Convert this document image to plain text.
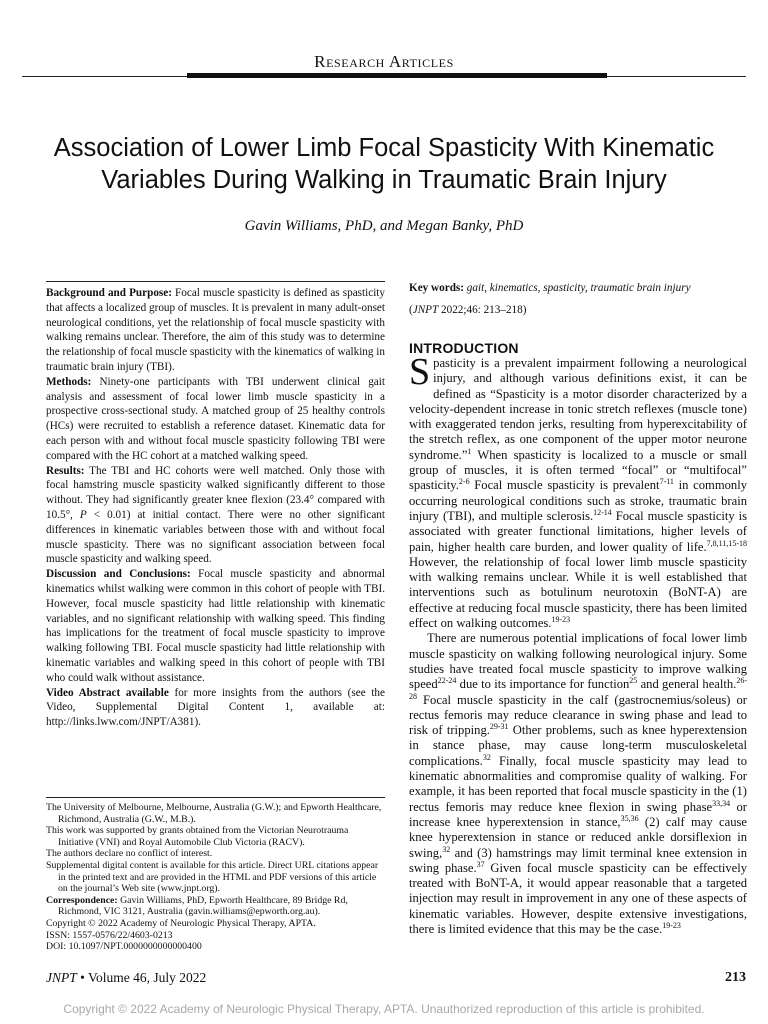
Research Articles
Association of Lower Limb Focal Spasticity With Kinematic Variables During Walking in Traumatic Brain Injury
Gavin Williams, PhD, and Megan Banky, PhD

Background and Purpose: Focal muscle spasticity is defined as spasticity that affects a localized group of muscles. It is prevalent in many adult-onset neurological conditions, yet the relationship of focal muscle spasticity with walking remains unclear. Therefore, the aim of this study was to determine the relationship of focal muscle spasticity with the kinematics of walking in traumatic brain injury (TBI).

Methods: Ninety-one participants with TBI underwent clinical gait analysis and assessment of focal lower limb muscle spasticity in a prospective cross-sectional study. A matched group of 25 healthy controls (HCs) were recruited to establish a reference dataset. Kinematic data for each person with and without focal muscle spasticity following TBI were compared with the HC cohort at a matched walking speed.

Results: The TBI and HC cohorts were well matched. Only those with focal hamstring muscle spasticity walked significantly different to those without. They had significantly greater knee flexion (23.4° compared with 10.5°, P < 0.01) at initial contact. There were no other significant differences in kinematic variables between those with and without focal muscle spasticity. There was no significant association between focal muscle spasticity and walking speed.

Discussion and Conclusions: Focal muscle spasticity and abnormal kinematics whilst walking were common in this cohort of people with TBI. However, focal muscle spasticity had little relationship with kinematic variables, and no significant relationship with walking speed. This finding has implications for the treatment of focal muscle spasticity to improve walking following TBI. Focal muscle spasticity had little relationship with kinematic variables and walking speed in this cohort of people with TBI who could walk without assistance.

Video Abstract available for more insights from the authors (see the Video, Supplemental Digital Content 1, available at: http://links.lww.com/JNPT/A381).

The University of Melbourne, Melbourne, Australia (G.W.); and Epworth Healthcare, Richmond, Australia (G.W., M.B.).

This work was supported by grants obtained from the Victorian Neurotrauma Initiative (VNI) and Royal Automobile Club Victoria (RACV).

The authors declare no conflict of interest.

Supplemental digital content is available for this article. Direct URL citations appear in the printed text and are provided in the HTML and PDF versions of this article on the journal’s Web site (www.jnpt.org).

Correspondence: Gavin Williams, PhD, Epworth Healthcare, 89 Bridge Rd, Richmond, VIC 3121, Australia (gavin.williams@epworth.org.au).

Copyright © 2022 Academy of Neurologic Physical Therapy, APTA.

ISSN: 1557-0576/22/4603-0213

DOI: 10.1097/NPT.0000000000000400

Key words: gait, kinematics, spasticity, traumatic brain injury

(JNPT 2022;46: 213–218)

INTRODUCTION

Spasticity is a prevalent impairment following a neurological injury, and although various definitions exist, it can be defined as “Spasticity is a motor disorder characterized by a velocity-dependent increase in tonic stretch reflexes (muscle tone) with exaggerated tendon jerks, resulting from hyperexcitability of the stretch reflex, as one component of the upper motor neurone syndrome.”$^1$ When spasticity is localized to a muscle or small group of muscles, it is often termed “focal” or “multifocal” spasticity.$^{2-6}$ Focal muscle spasticity is prevalent$^{7-11}$ in commonly occurring neurological conditions such as stroke, traumatic brain injury (TBI), and multiple sclerosis.$^{12-14}$ Focal muscle spasticity is associated with greater functional limitations, higher levels of pain, higher health care burden, and lower quality of life.$^{7,8,11,15-18}$ However, the relationship of focal lower limb muscle spasticity with walking remains unclear. While it is well established that interventions such as botulinum neurotoxin (BoNT-A) are effective at reducing focal muscle spasticity, there has been limited effect on walking outcomes.$^{19-23}$

There are numerous potential implications of focal lower limb muscle spasticity on walking following neurological injury. Some studies have treated focal muscle spasticity to improve walking speed$^{22-24}$ due to its importance for function$^{25}$ and general health.$^{26-28}$ Focal muscle spasticity in the calf (gastrocnemius/soleus) or rectus femoris may reduce clearance in swing phase and lead to risk of tripping.$^{29-31}$ Other problems, such as knee hyperextension in stance phase, may cause long-term musculoskeletal complications.$^{32}$ Finally, focal muscle spasticity may lead to kinematic abnormalities and compromise quality of walking. For example, it has been reported that focal muscle spasticity in the (1) rectus femoris may reduce knee flexion in swing phase$^{33,34}$ or increase knee hyperextension in stance,$^{35,36}$ (2) calf may cause knee hyperextension in stance or reduced ankle dorsiflexion in swing,$^{32}$ and (3) hamstrings may limit terminal knee extension in swing phase.$^{37}$ Given focal muscle spasticity can be effectively treated with BoNT-A, it would appear reasonable that a targeted injection may result in improvement in any one of these aspects of kinematic variables. However, despite extensive investigations, there is limited evidence that this may be the case.$^{19-23}$

JNPT • Volume 46, July 2022	213
Copyright © 2022 Academy of Neurologic Physical Therapy, APTA. Unauthorized reproduction of this article is prohibited.
